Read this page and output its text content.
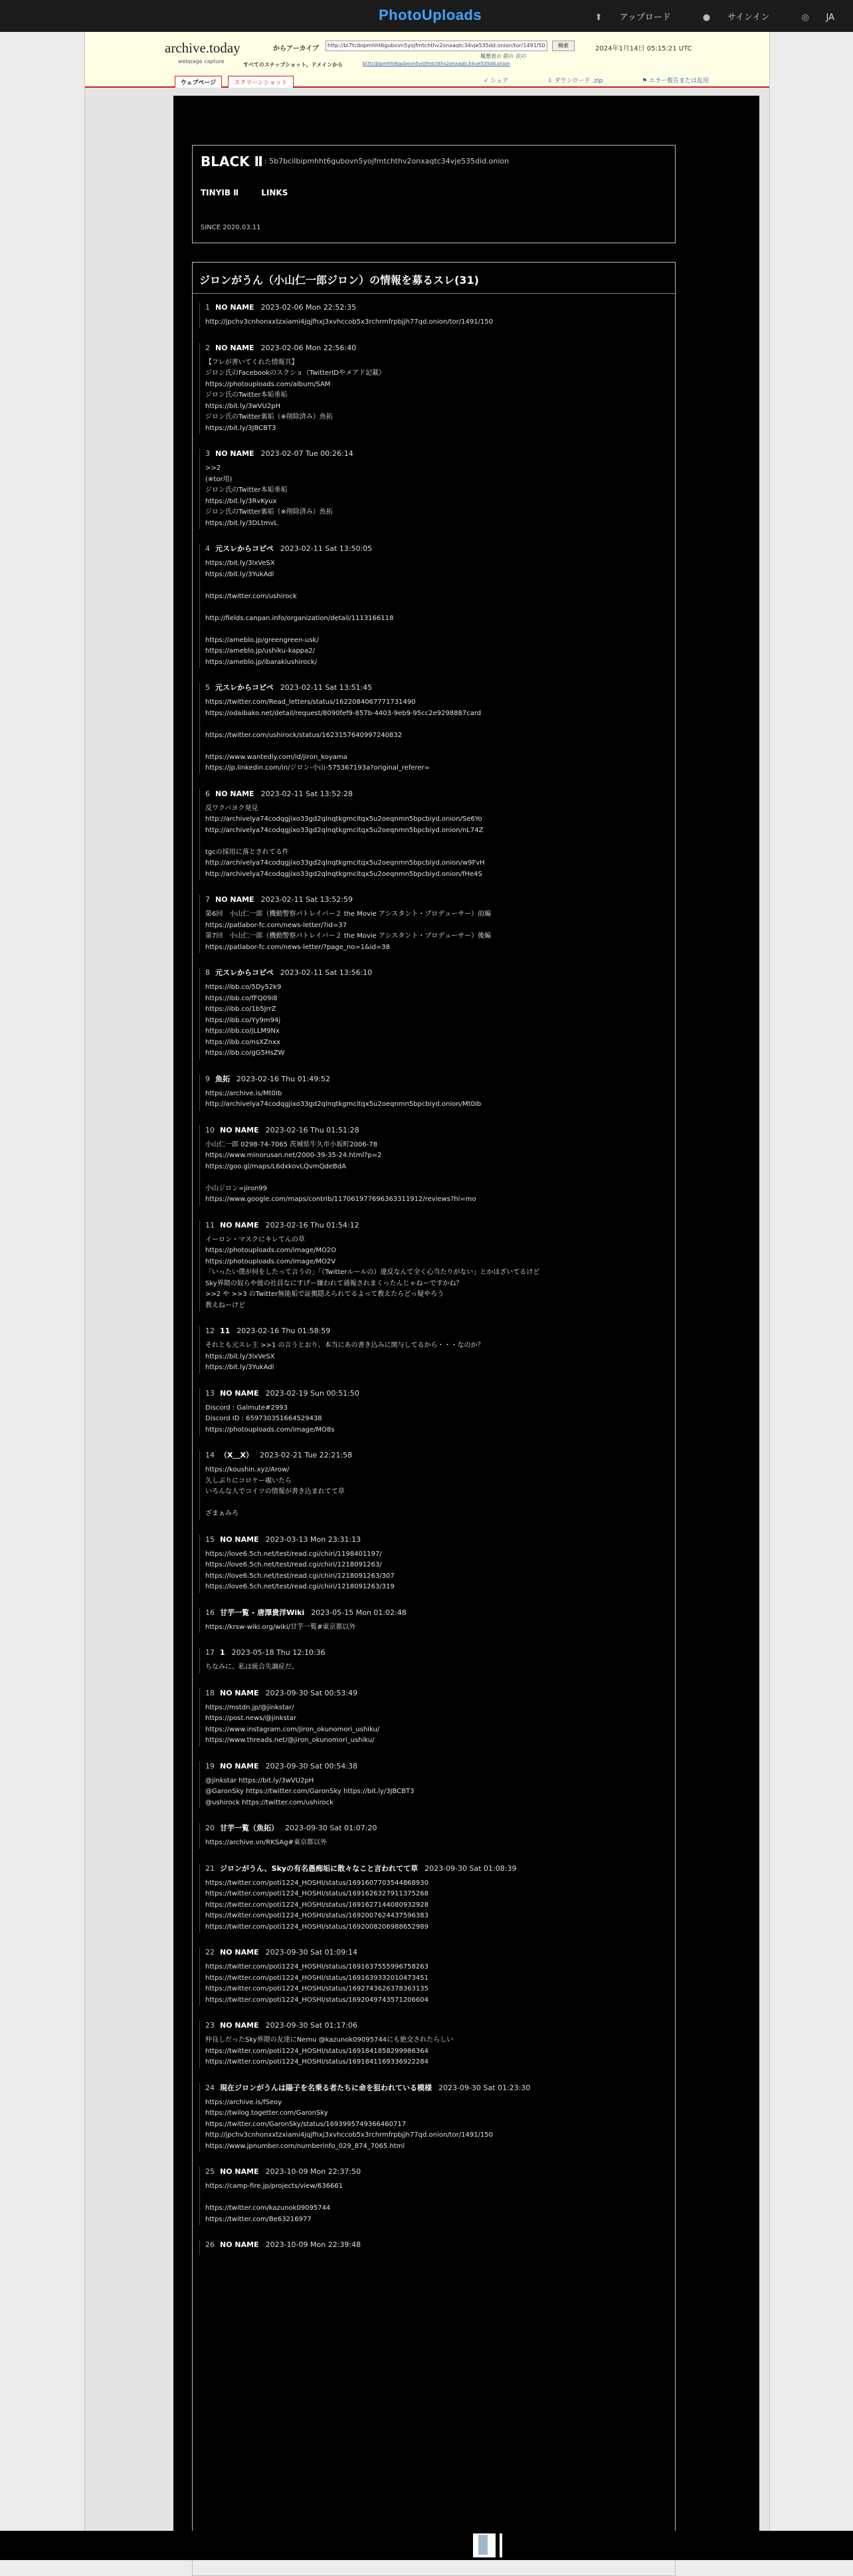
PhotoUploads	⬆ アップロード	● サインイン	◎ JA
archive.today
webpage capture
からアーカイブ	http://bi7tcibipmhht6gubovn5yojfmtchthv2onxaqtc34vje535dd.onion/tor/1491/50	検索	2024年1月14日 05:15:21 UTC
履歴表示 前の 次の
すべてのスナップショット。ドメインから	bi7tcibipmhht6gubovn5yojfmtchthv2onxaqtc34vje535dd.onion
ウェブページ	スクリーンショット	✓ シェア	⇩ ダウンロード .zip	⚑ エラー報告または乱用
BLACK Ⅱ : 5b7bcilbipmhht6gubovn5yojfmtchthv2onxaqtc34vje535did.onion
TINYIB Ⅱ	LINKS
SINCE 2020.03.11
ジロンがうん（小山仁一郎ジロン）の情報を募るスレ(31)
1 NO NAME 2023-02-06 Mon 22:52:35
http://jpchv3cnhonxxtzxiami4jqjfhxj3xvhccob5x3rchrmfrpbjjh77qd.onion/tor/1491/150
2 NO NAME 2023-02-06 Mon 22:56:40
【フレが書いてくれた情報共】
ジロン氏のFacebookのスクショ（TwitterIDやメアド記載）
https://photouploads.com/album/SAM
ジロン氏のTwitter本垢垂垢
https://bit.ly/3wVU2pH
ジロン氏のTwitter裏垢（※削除済み）魚拓
https://bit.ly/3JBCBT3
3 NO NAME 2023-02-07 Tue 00:26:14
>>2
(※tor用)
ジロン氏のTwitter本垢垂垢
https://bit.ly/3RvKyux
ジロン氏のTwitter裏垢（※削除済み）魚拓
https://bit.ly/3DLtmvL
4 元スレからコピペ 2023-02-11 Sat 13:50:05
https://bit.ly/3lxVeSX
https://bit.ly/3YukAdl

https://twitter.com/ushirock

http://fields.canpan.info/organization/detail/1113166118

https://ameblo.jp/greengreen-usk/
https://ameblo.jp/ushiku-kappa2/
https://ameblo.jp/ibarakiushirock/
5 元スレからコピペ 2023-02-11 Sat 13:51:45
https://twitter.com/Read_letters/status/1622084067771731490
https://odaibako.net/detail/request/8090fef9-857b-4403-9eb9-95cc2e9298887card

https://twitter.com/ushirock/status/1623157640997240832

https://www.wantedly.com/id/jiron_koyama
https://jp.linkedin.com/in/ジロン-小山-575367193a?original_referer=
6 NO NAME 2023-02-11 Sat 13:52:28
反ワクバヨク発見
http://archivelyа74codqgjixo33gd2qlnqtkgmcitqx5u2oeqnmn5bpcbiyd.onion/Se6Yo
http://archivelyа74codqgjixo33gd2qlnqtkgmcitqx5u2oeqnmn5bpcbiyd.onion/nL74Z

tgcの採用に落とされてる件
http://archivelyа74codqgjixo33gd2qlnqtkgmcitqx5u2oeqnmn5bpcbiyd.onion/w9FvH
http://archivelyа74codqgjixo33gd2qlnqtkgmcitqx5u2oeqnmn5bpcbiyd.onion/fHe4S
7 NO NAME 2023-02-11 Sat 13:52:59
第6回　小山仁一郎（機動警察パトレイバー２ the Movie アシスタント・プロデューサー）前編
https://patlabor-fc.com/news-letter/?id=37
第7回　小山仁一郎（機動警察パトレイバー２ the Movie アシスタント・プロデューサー）後編
https://patlabor-fc.com/news-letter/?page_no=1&id=38
8 元スレからコピペ 2023-02-11 Sat 13:56:10
https://ibb.co/5Dy52k9
https://ibb.co/fFQ09i8
https://ibb.co/1b5JrrZ
https://ibb.co/Yy9m94j
https://ibb.co/jLLM9Nx
https://ibb.co/nsXZnxx
https://ibb.co/gG5HsZW
9 魚拓 2023-02-16 Thu 01:49:52
https://archive.is/Mt0Ib
http://archivelyа74codqgjixo33gd2qlnqtkgmcitqx5u2oeqnmn5bpcbiyd.onion/Mt0Ib
10 NO NAME 2023-02-16 Thu 01:51:28
小山仁一郎 0298-74-7065 茨城県牛久市小坂町2006-78
https://www.minorusan.net/2000-39-35-24.html?p=2
https://goo.gl/maps/L6dxkovLQvmQdeBdA

小山ジロン=jiron99
https://www.google.com/maps/contrib/117061977696363311912/reviews?hl=mo
11 NO NAME 2023-02-16 Thu 01:54:12
イーロン・マスクにキレてんの草
https://photouploads.com/image/MO2O
https://photouploads.com/image/MO2V
「いったい僕が何をしたって言うの」「（Twitterルールの）違反なんて全く心当たりがない」とかほざいてるけど
Sky界隈の奴らや彼の社員なにすげー嫌われて通報されまくったんじゃねーですかね？
>>2 や >>3 のTwitter無能垢で証拠隠えられてるよって教えたらどっ疑やろう
教えねーけど
12 11 2023-02-16 Thu 01:58:59
それとも元スレ主 >>1 の言うとおり、本当にあの書き込みに関与してるから・・・なのか？
https://bit.ly/3lxVeSX
https://bit.ly/3YukAdl
13 NO NAME 2023-02-19 Sun 00:51:50
Discord : Galmute#2993
Discord ID : 659730351664529438
https://photouploads.com/image/MO8s
14 （X＿X） 2023-02-21 Tue 22:21:58
https://koushin.xyz/Arow/
久しぶりにコロケー覗いたら
いろんな人でコイツの情報が書き込まれてて草

ざまぁみろ
15 NO NAME 2023-03-13 Mon 23:31:13
https://love6.5ch.net/test/read.cgi/chiri/1198401197/
https://love6.5ch.net/test/read.cgi/chiri/1218091263/
https://love6.5ch.net/test/read.cgi/chiri/1218091263/307
https://love6.5ch.net/test/read.cgi/chiri/1218091263/319
16 甘芋一覧 - 唐澤貴洋Wiki 2023-05-15 Mon 01:02:48
https://krsw-wiki.org/wiki/甘芋一覧#東京都以外
17 1 2023-05-18 Thu 12:10:36
ちなみに、私は統合失調症だ。
18 NO NAME 2023-09-30 Sat 00:53:49
https://mstdn.jp/@jinkstar/
https://post.news/@jinkstar
https://www.instagram.com/jiron_okunomori_ushiku/
https://www.threads.net/@jiron_okunomori_ushiku/
19 NO NAME 2023-09-30 Sat 00:54:38
@jinkstar https://bit.ly/3wVU2pH
@GaronSky https://twitter.com/GaronSky https://bit.ly/3JBCBT3
@ushirock https://twitter.com/ushirock
20 甘芋一覧（魚拓） 2023-09-30 Sat 01:07:20
https://archive.vn/RKSAg#東京都以外
21 ジロンがうん、Skyの有名愚痴垢に散々なこと言われてて草 2023-09-30 Sat 01:08:39
https://twitter.com/poti1224_HOSHI/status/1691607703544868930
https://twitter.com/poti1224_HOSHI/status/1691626327911375268
https://twitter.com/poti1224_HOSHI/status/1691627144080932928
https://twitter.com/poti1224_HOSHI/status/1692007624437596383
https://twitter.com/poti1224_HOSHI/status/1692008206988652989
22 NO NAME 2023-09-30 Sat 01:09:14
https://twitter.com/poti1224_HOSHI/status/1691637555996758263
https://twitter.com/poti1224_HOSHI/status/1691639332010473451
https://twitter.com/poti1224_HOSHI/status/1692743626378363135
https://twitter.com/poti1224_HOSHI/status/1692049743571206604
23 NO NAME 2023-09-30 Sat 01:17:06
仲良しだったSky界隈の友達にNemu @kazunok09095744にも絶交されたらしい
https://twitter.com/poti1224_HOSHI/status/1691841858299986364
https://twitter.com/poti1224_HOSHI/status/1691841169336922284
24 現在ジロンがうんは陽子を名乗る者たちに命を狙われている模様 2023-09-30 Sat 01:23:30
https://archive.is/fSeoy
https://twilog.togetter.com/GaronSky
https://twitter.com/GaronSky/status/1693995749366460717
http://jpchv3cnhonxxtzxiami4jqjfhxj3xvhccob5x3rchrmfrpbjjh77qd.onion/tor/1491/150
https://www.jpnumber.com/numberinfo_029_874_7065.html
25 NO NAME 2023-10-09 Mon 22:37:50
https://camp-fire.jp/projects/view/636661

https://twitter.com/kazunok09095744
https://twitter.com/Be63216977
26 NO NAME 2023-10-09 Mon 22:39:48
